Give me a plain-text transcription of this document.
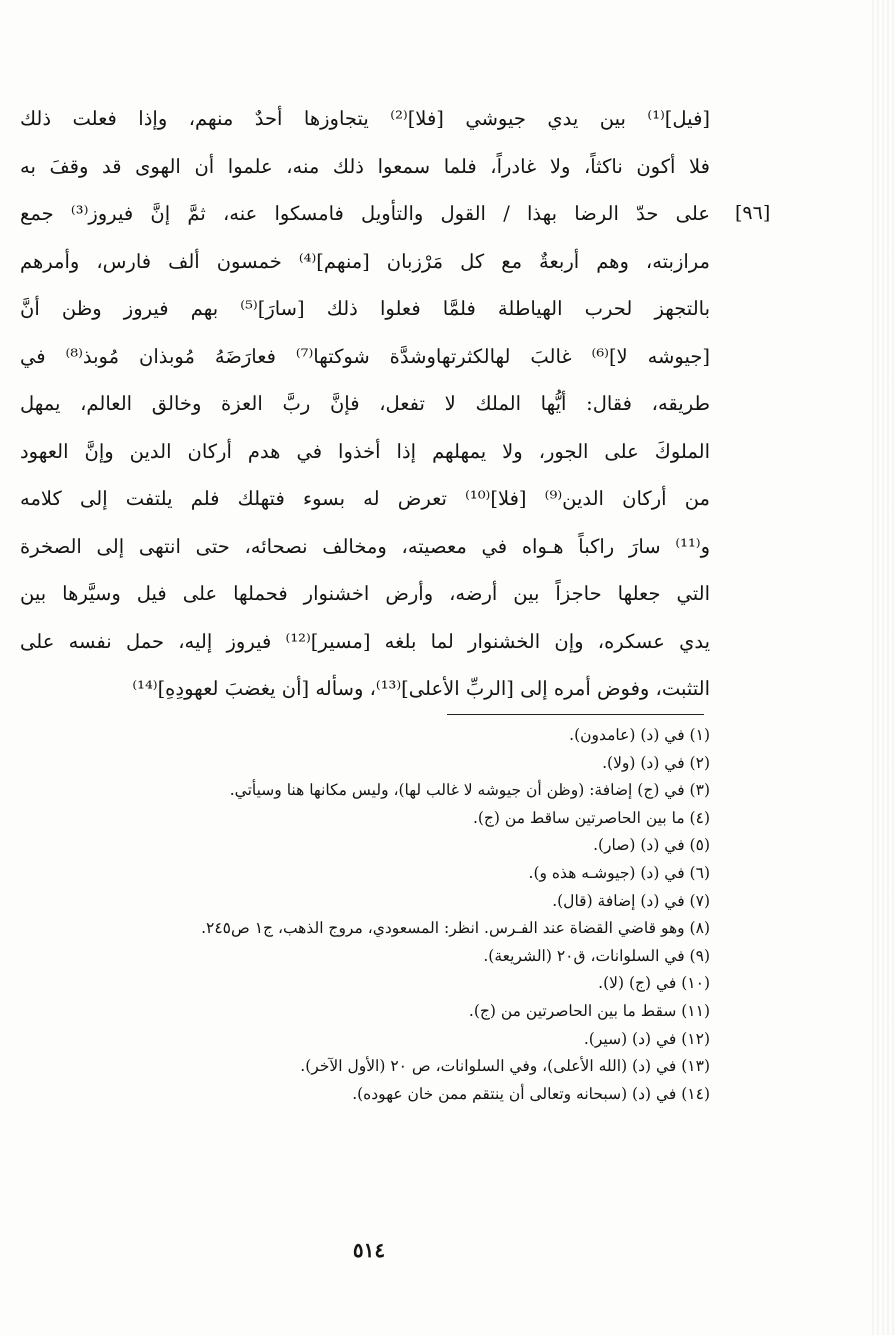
[فيل]⁽¹⁾ بين يدي جيوشي [فلا]⁽²⁾ يتجاوزها أحدٌ منهم، وإذا فعلت ذلك
فلا أكون ناكثاً، ولا غادراً، فلما سمعوا ذلك منه، علموا أن الهوى قد وقفَ به
على حدّ الرضا بهذا / القول والتأويل فامسكوا عنه، ثمَّ إنَّ فيروز⁽³⁾ جمع [٩٦]
مرازبته، وهم أربعةٌ مع كل مَرْزبان [منهم]⁽⁴⁾ خمسون ألف فارس، وأمرهم
بالتجهز لحرب الهياطلة فلمَّا فعلوا ذلك [سارَ]⁽⁵⁾ بهم فيروز وظن أنَّ
[جيوشه لا]⁽⁶⁾ غالبَ لهالكثرتهاوشدَّة شوكتها⁽⁷⁾ فعارَضَهُ مُوبذان مُوبذ⁽⁸⁾ في
طريقه، فقال: أيُّها الملك لا تفعل، فإنَّ ربَّ العزة وخالق العالم، يمهل
الملوكَ على الجور، ولا يمهلهم إذا أخذوا في هدم أركان الدين وإنَّ العهود
من أركان الدين⁽⁹⁾ [فلا]⁽¹⁰⁾ تعرض له بسوء فتهلك فلم يلتفت إلى كلامه
و⁽¹¹⁾ سارَ راكباً هـواه في معصيته، ومخالف نصحائه، حتى انتهى إلى الصخرة
التي جعلها حاجزاً بين أرضه، وأرض اخشنوار فحملها على فيل وسيَّرها بين
يدي عسكره، وإن الخشنوار لما بلغه [مسير]⁽¹²⁾ فيروز إليه، حمل نفسه على
التثبت، وفوض أمره إلى [الربِّ الأعلى]⁽¹³⁾، وسأله [أن يغضبَ لعهودِهِ]⁽¹⁴⁾
(١) في (د) (عامدون).
(٢) في (د) (ولا).
(٣) في (ج) إضافة: (وظن أن جيوشه لا غالب لها)، وليس مكانها هنا وسيأتي.
(٤) ما بين الحاصرتين ساقط من (ج).
(٥) في (د) (صار).
(٦) في (د) (جيوشـه هذه و).
(٧) في (د) إضافة (قال).
(٨) وهو قاضي القضاة عند الفـرس. انظر: المسعودي، مروج الذهب، ج١ ص٢٤٥.
(٩) في السلوانات، ق٢٠ (الشريعة).
(١٠) في (ج) (لا).
(١١) سقط ما بين الحاصرتين من (ج).
(١٢) في (د) (سير).
(١٣) في (د) (الله الأعلى)، وفي السلوانات، ص ٢٠ (الأول الآخر).
(١٤) في (د) (سبحانه وتعالى أن ينتقم ممن خان عهوده).
٥١٤
